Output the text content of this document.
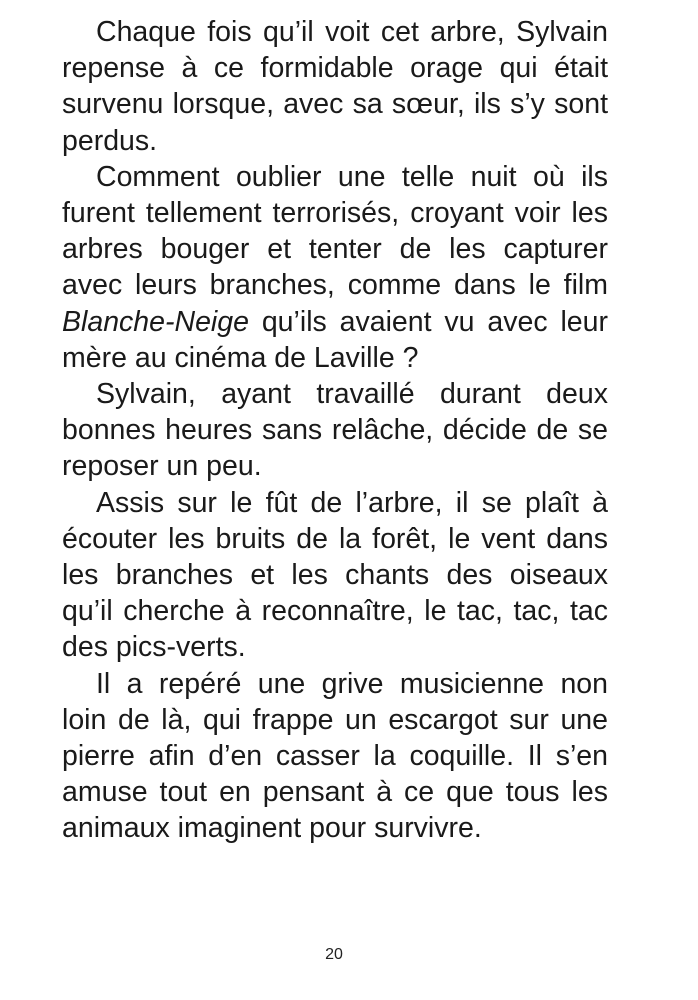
Chaque fois qu’il voit cet arbre, Sylvain repense à ce formidable orage qui était survenu lorsque, avec sa sœur, ils s’y sont perdus.

Comment oublier une telle nuit où ils furent tellement terrorisés, croyant voir les arbres bouger et tenter de les capturer avec leurs branches, comme dans le film Blanche-Neige qu’ils avaient vu avec leur mère au cinéma de Laville ?

Sylvain, ayant travaillé durant deux bonnes heures sans relâche, décide de se reposer un peu.

Assis sur le fût de l’arbre, il se plaît à écouter les bruits de la forêt, le vent dans les branches et les chants des oiseaux qu’il cherche à reconnaître, le tac, tac, tac des pics-verts.

Il a repéré une grive musicienne non loin de là, qui frappe un escargot sur une pierre afin d’en casser la coquille. Il s’en amuse tout en pensant à ce que tous les animaux imaginent pour survivre.

20
